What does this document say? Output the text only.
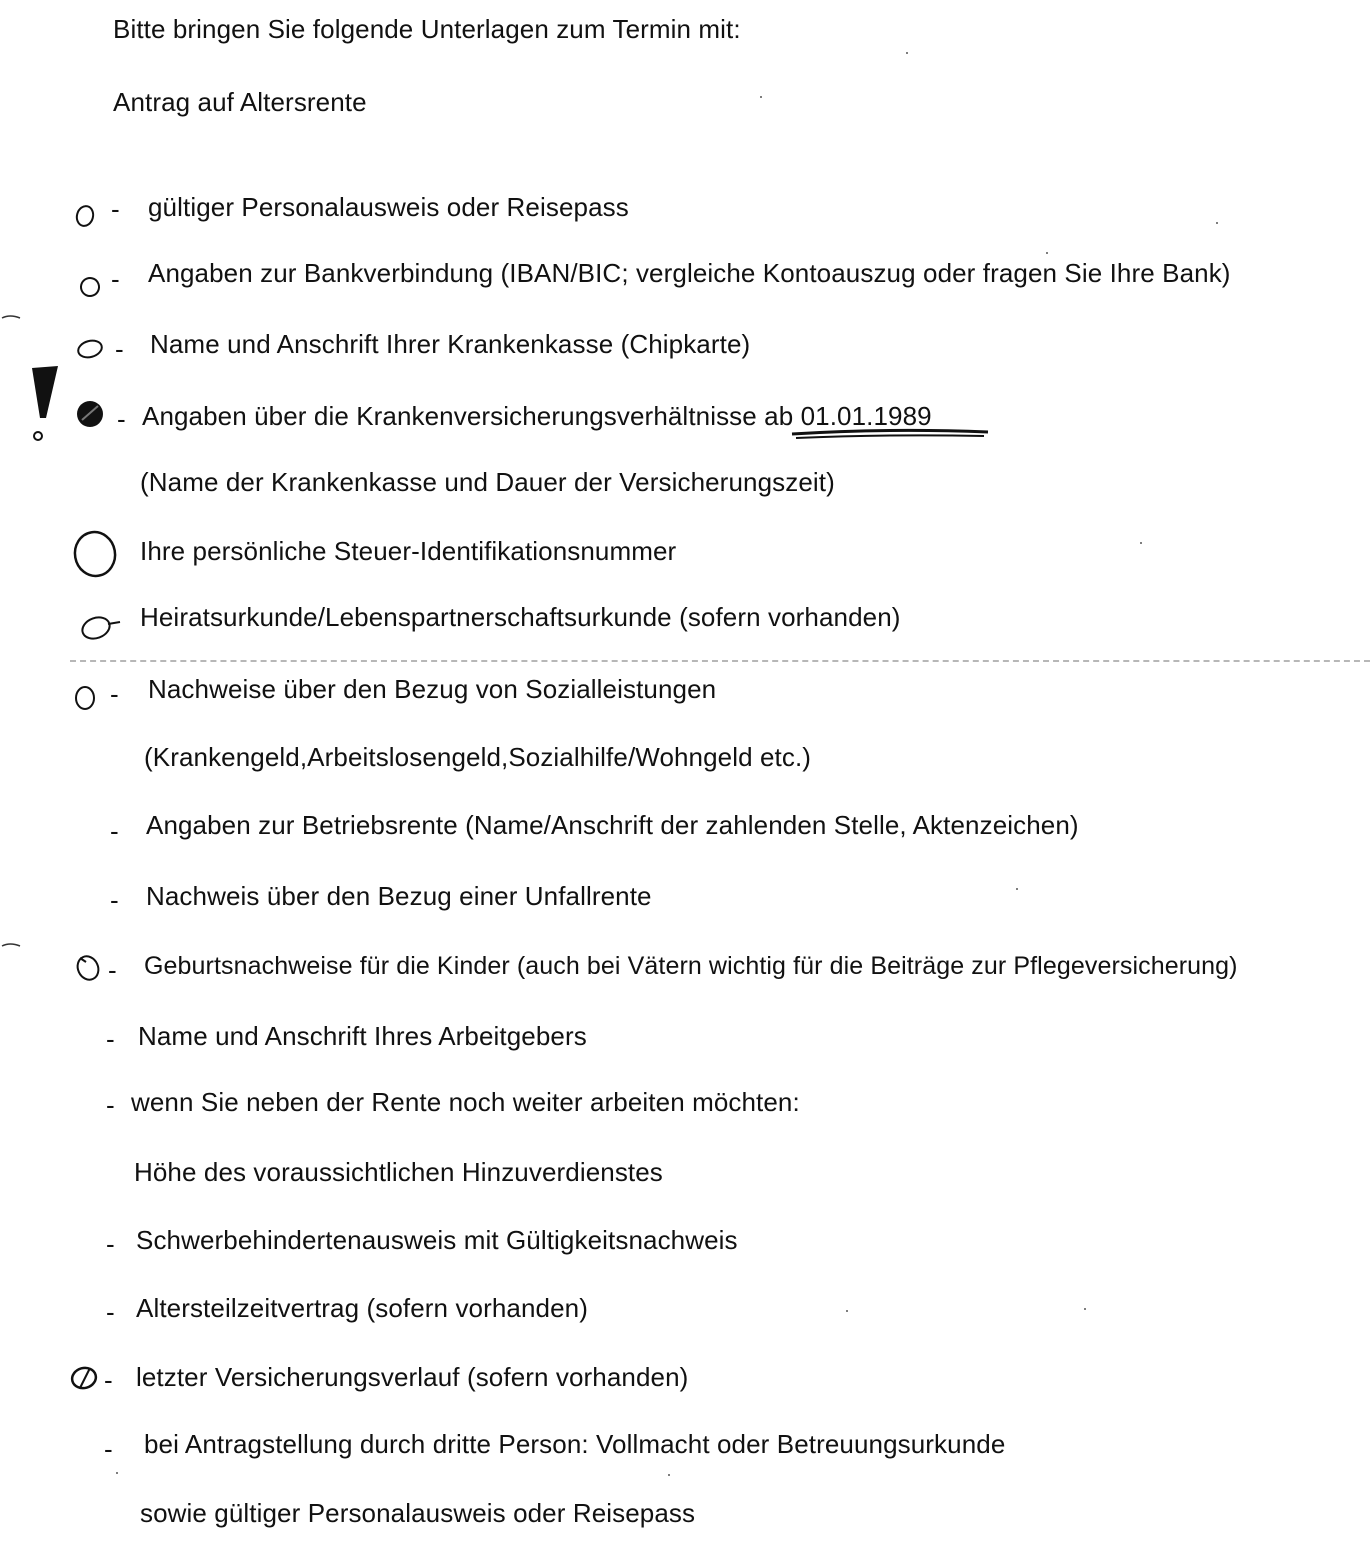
Bitte bringen Sie folgende Unterlagen zum Termin mit:
Antrag auf Altersrente
- gültiger Personalausweis oder Reisepass
- Angaben zur Bankverbindung (IBAN/BIC; vergleiche Kontoauszug oder fragen Sie Ihre Bank)
- Name und Anschrift Ihrer Krankenkasse (Chipkarte)
- Angaben über die Krankenversicherungsverhältnisse ab 01.01.1989
(Name der Krankenkasse und Dauer der Versicherungszeit)
Ihre persönliche Steuer-Identifikationsnummer
Heiratsurkunde/Lebenspartnerschaftsurkunde (sofern vorhanden)
- Nachweise über den Bezug von Sozialleistungen
(Krankengeld,Arbeitslosengeld,Sozialhilfe/Wohngeld etc.)
- Angaben zur Betriebsrente (Name/Anschrift der zahlenden Stelle, Aktenzeichen)
- Nachweis über den Bezug einer Unfallrente
- Geburtsnachweise für die Kinder (auch bei Vätern wichtig für die Beiträge zur Pflegeversicherung)
- Name und Anschrift Ihres Arbeitgebers
- wenn Sie neben der Rente noch weiter arbeiten möchten:
Höhe des voraussichtlichen Hinzuverdienstes
- Schwerbehindertenausweis mit Gültigkeitsnachweis
- Altersteilzeitvertrag (sofern vorhanden)
- letzter Versicherungsverlauf (sofern vorhanden)
- bei Antragstellung durch dritte Person: Vollmacht oder Betreuungsurkunde
sowie gültiger Personalausweis oder Reisepass
